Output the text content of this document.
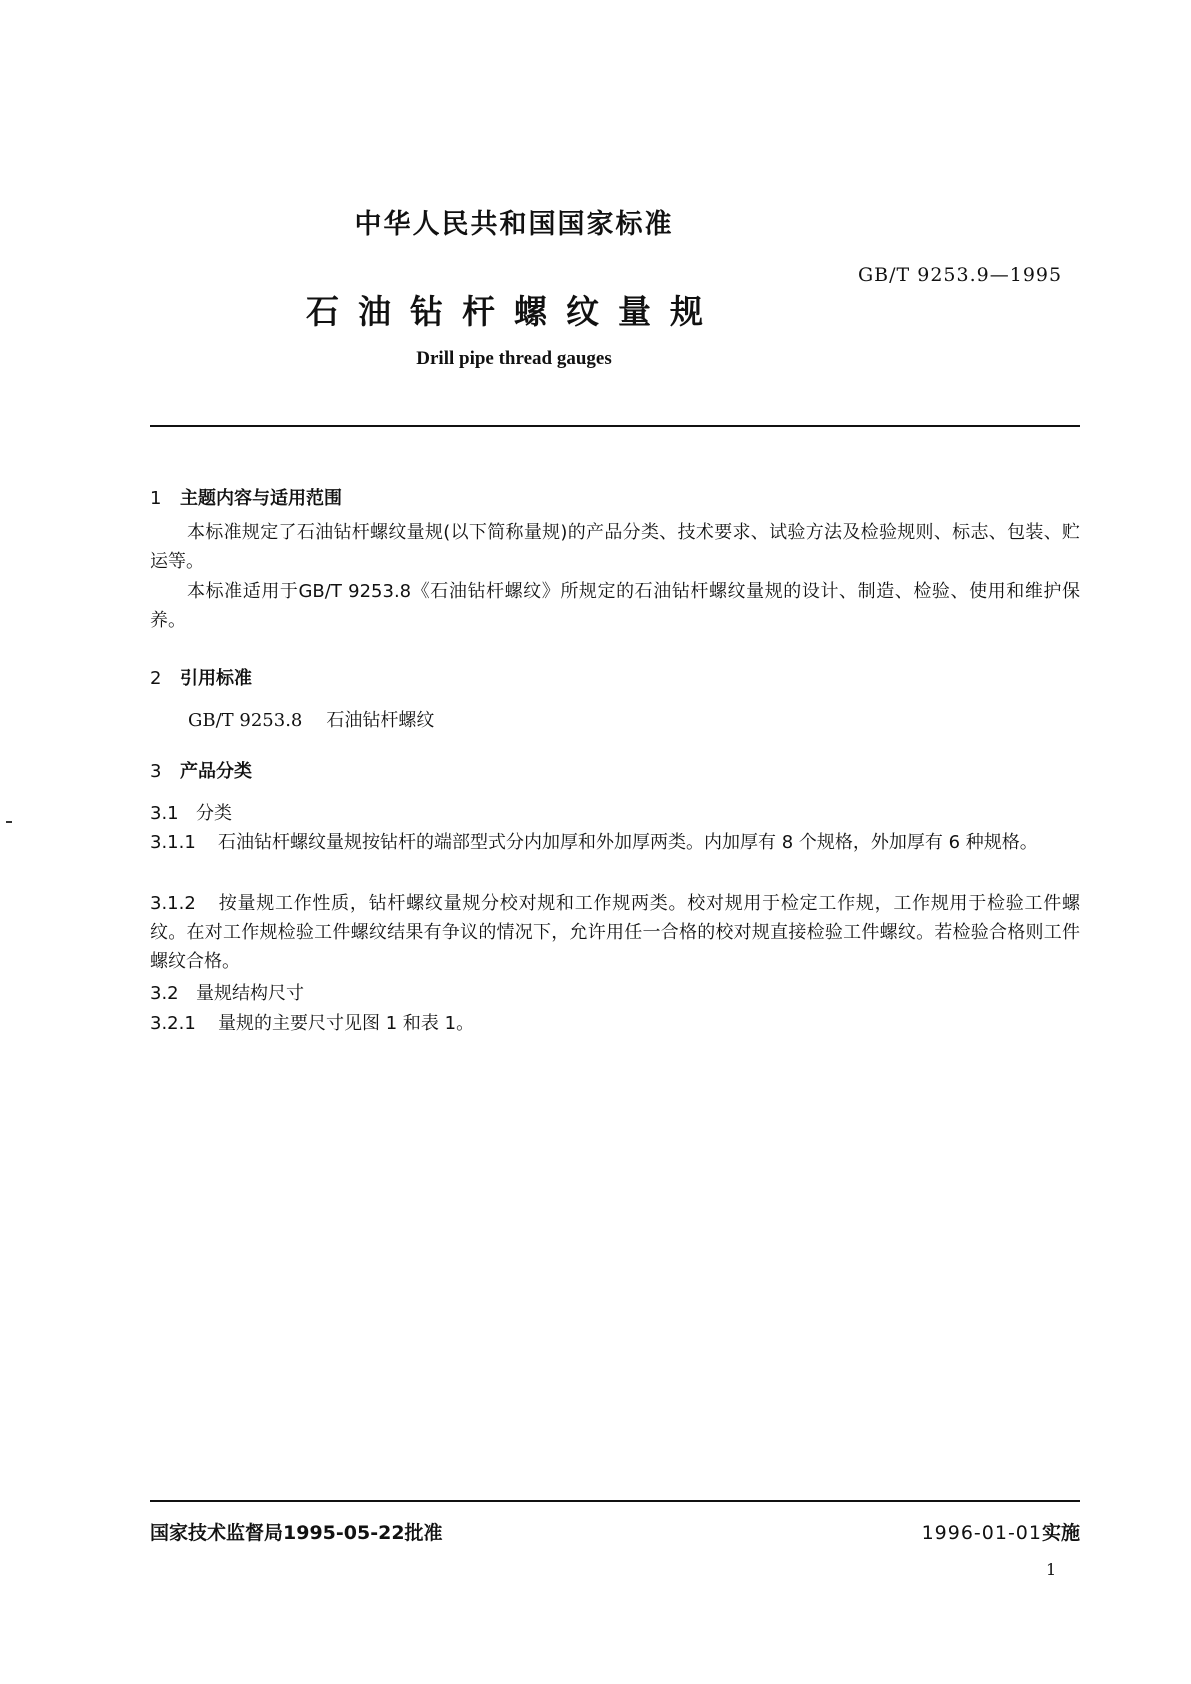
中华人民共和国国家标准
GB/T 9253.9—1995
石油钻杆螺纹量规
Drill pipe thread gauges
1 主题内容与适用范围
本标准规定了石油钻杆螺纹量规(以下简称量规)的产品分类、技术要求、试验方法及检验规则、标志、包装、贮运等。
本标准适用于GB/T 9253.8《石油钻杆螺纹》所规定的石油钻杆螺纹量规的设计、制造、检验、使用和维护保养。
2 引用标准
GB/T 9253.8 石油钻杆螺纹
3 产品分类
3.1 分类
3.1.1 石油钻杆螺纹量规按钻杆的端部型式分内加厚和外加厚两类。内加厚有 8 个规格，外加厚有 6 种规格。
3.1.2 按量规工作性质，钻杆螺纹量规分校对规和工作规两类。校对规用于检定工作规，工作规用于检验工件螺纹。在对工作规检验工件螺纹结果有争议的情况下，允许用任一合格的校对规直接检验工件螺纹。若检验合格则工件螺纹合格。
3.2 量规结构尺寸
3.2.1 量规的主要尺寸见图 1 和表 1。
国家技术监督局1995-05-22批准	1996-01-01实施
1
